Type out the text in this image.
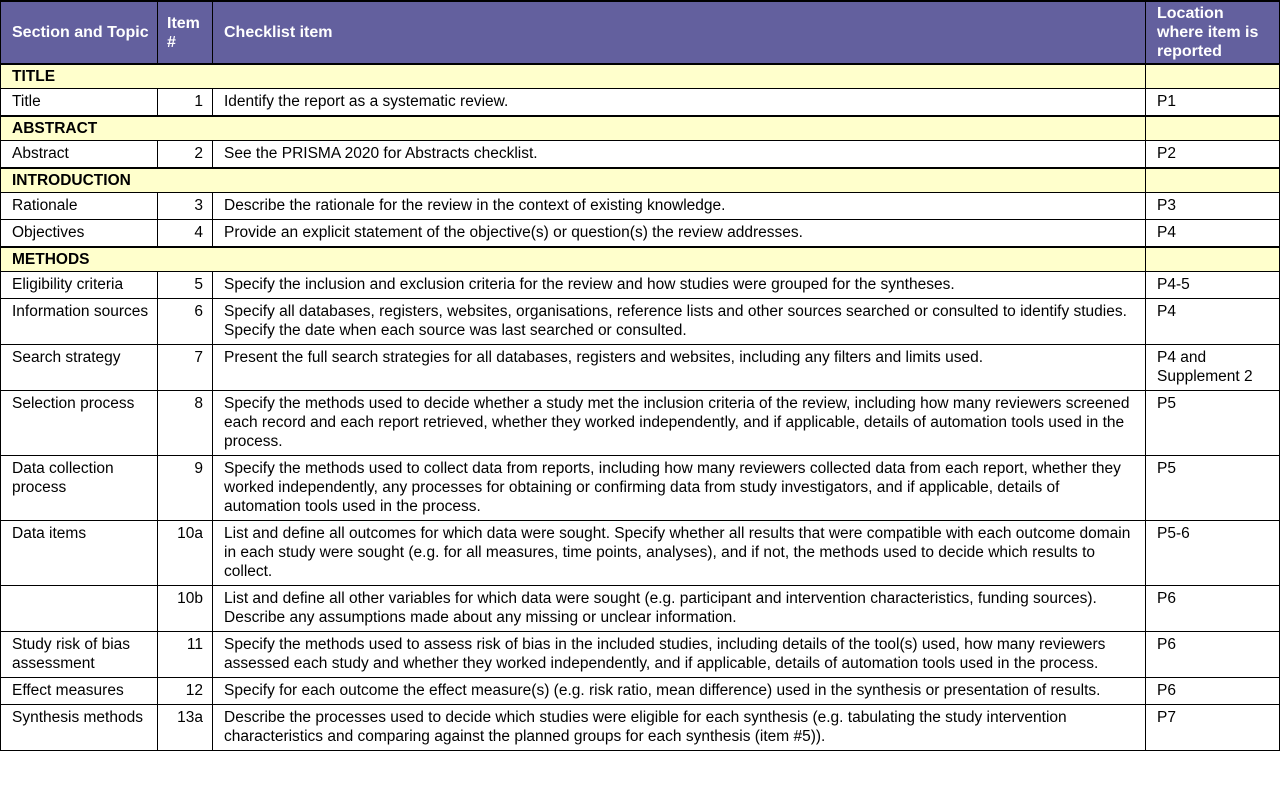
Section and Topic	Item #	Checklist item	Location where item is reported
TITLE			
Title	1	Identify the report as a systematic review.	P1
ABSTRACT			
Abstract	2	See the PRISMA 2020 for Abstracts checklist.	P2
INTRODUCTION			
Rationale	3	Describe the rationale for the review in the context of existing knowledge.	P3
Objectives	4	Provide an explicit statement of the objective(s) or question(s) the review addresses.	P4
METHODS			
Eligibility criteria	5	Specify the inclusion and exclusion criteria for the review and how studies were grouped for the syntheses.	P4-5
Information sources	6	Specify all databases, registers, websites, organisations, reference lists and other sources searched or consulted to identify studies. Specify the date when each source was last searched or consulted.	P4
Search strategy	7	Present the full search strategies for all databases, registers and websites, including any filters and limits used.	P4 and Supplement 2
Selection process	8	Specify the methods used to decide whether a study met the inclusion criteria of the review, including how many reviewers screened each record and each report retrieved, whether they worked independently, and if applicable, details of automation tools used in the process.	P5
Data collection process	9	Specify the methods used to collect data from reports, including how many reviewers collected data from each report, whether they worked independently, any processes for obtaining or confirming data from study investigators, and if applicable, details of automation tools used in the process.	P5
Data items	10a	List and define all outcomes for which data were sought. Specify whether all results that were compatible with each outcome domain in each study were sought (e.g. for all measures, time points, analyses), and if not, the methods used to decide which results to collect.	P5-6
	10b	List and define all other variables for which data were sought (e.g. participant and intervention characteristics, funding sources). Describe any assumptions made about any missing or unclear information.	P6
Study risk of bias assessment	11	Specify the methods used to assess risk of bias in the included studies, including details of the tool(s) used, how many reviewers assessed each study and whether they worked independently, and if applicable, details of automation tools used in the process.	P6
Effect measures	12	Specify for each outcome the effect measure(s) (e.g. risk ratio, mean difference) used in the synthesis or presentation of results.	P6
Synthesis methods	13a	Describe the processes used to decide which studies were eligible for each synthesis (e.g. tabulating the study intervention characteristics and comparing against the planned groups for each synthesis (item #5)).	P7
